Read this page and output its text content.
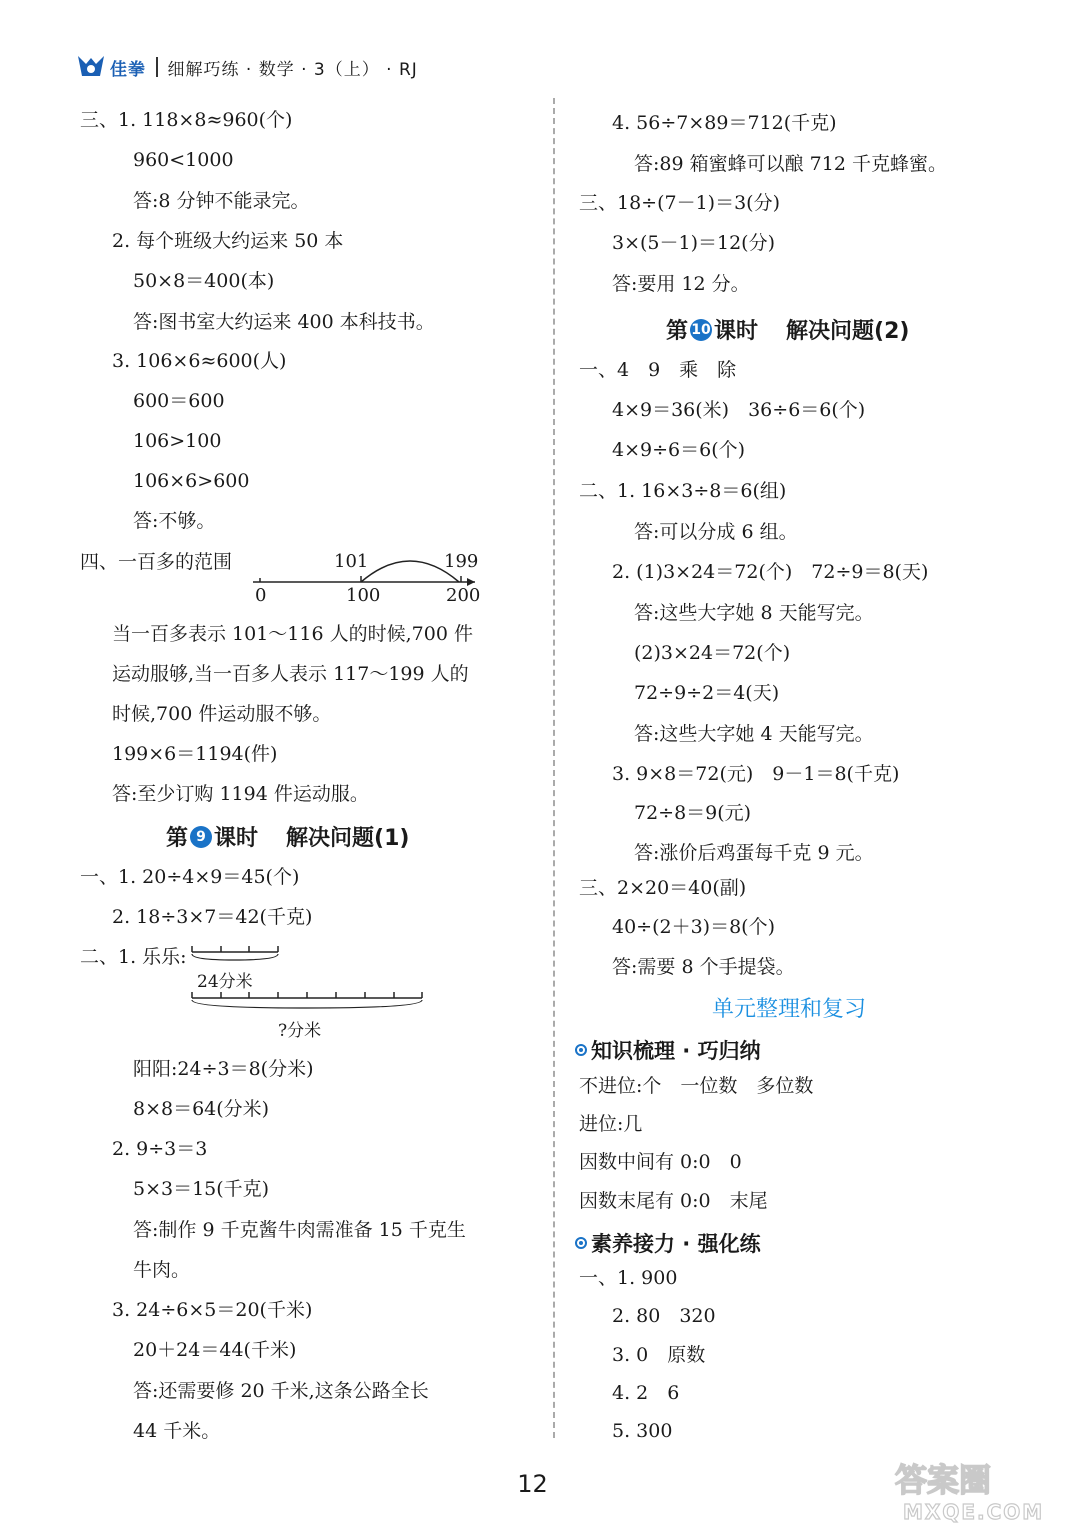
佳拳 细解巧练 · 数学 · 3（上） · RJ
三、1. 118×8≈960(个)
960<1000
答:8 分钟不能录完。
2. 每个班级大约运来 50 本
50×8＝400(本)
答:图书室大约运来 400 本科技书。
3. 106×6≈600(人)
600＝600
106>100
106×6>600
答:不够。
四、一百多的范围	101	199
0	100	200
当一百多表示 101～116 人的时候,700 件
运动服够,当一百多人表示 117～199 人的
时候,700 件运动服不够。
199×6＝1194(件)
答:至少订购 1194 件运动服。
第 9 课时 解决问题(1)
一、1. 20÷4×9＝45(个)
2. 18÷3×7＝42(千克)
二、1. 乐乐:
24分米
?分米
阳阳:24÷3＝8(分米)
8×8＝64(分米)
2. 9÷3＝3
5×3＝15(千克)
答:制作 9 千克酱牛肉需准备 15 千克生
牛肉。
3. 24÷6×5＝20(千米)
20＋24＝44(千米)
答:还需要修 20 千米,这条公路全长
44 千米。
4. 56÷7×89＝712(千克)
答:89 箱蜜蜂可以酿 712 千克蜂蜜。
三、18÷(7－1)＝3(分)
3×(5－1)＝12(分)
答:要用 12 分。
第 10 课时 解决问题(2)
一、4　9　乘　除
4×9＝36(米)　36÷6＝6(个)
4×9÷6＝6(个)
二、1. 16×3÷8＝6(组)
答:可以分成 6 组。
2. (1)3×24＝72(个)　72÷9＝8(天)
答:这些大字她 8 天能写完。
(2)3×24＝72(个)
72÷9÷2＝4(天)
答:这些大字她 4 天能写完。
3. 9×8＝72(元)　9－1＝8(千克)
72÷8＝9(元)
答:涨价后鸡蛋每千克 9 元。
三、2×20＝40(副)
40÷(2＋3)＝8(个)
答:需要 8 个手提袋。
单元整理和复习
知识梳理 · 巧归纳
不进位:个　一位数　多位数
进位:几
因数中间有 0:0　0
因数末尾有 0:0　末尾
素养接力 · 强化练
一、1. 900
2. 80　320
3. 0　原数
4. 2　6
5. 300
12	答案圈
MXQE.COM
